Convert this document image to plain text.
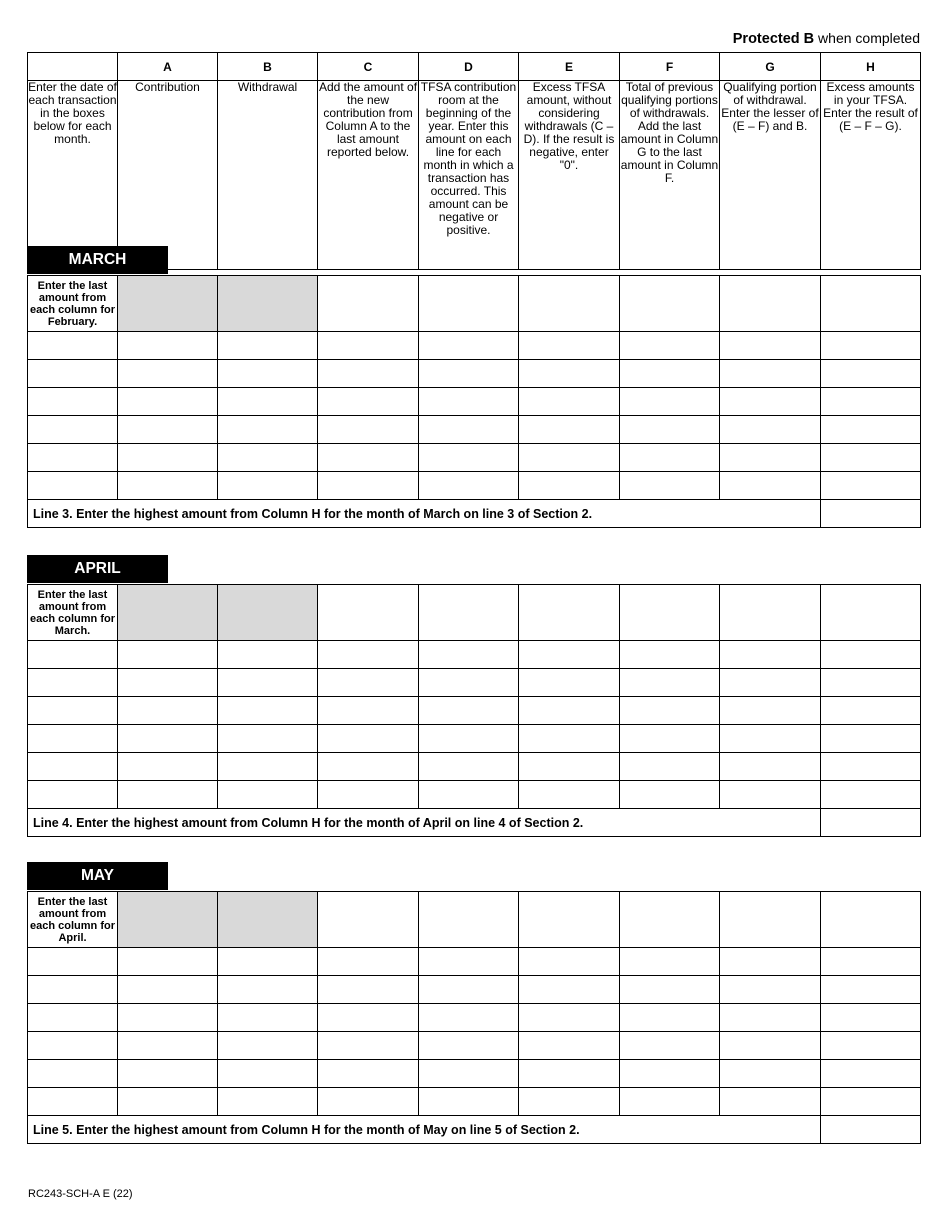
Protected B when completed
	A	B	C	D	E	F	G	H
Enter the date of each transaction in the boxes below for each month.	Contribution	Withdrawal	Add the amount of the new contribution from Column A to the last amount reported below.	TFSA contribution room at the beginning of the year. Enter this amount on each line for each month in which a transaction has occurred. This amount can be negative or positive.	Excess TFSA amount, without considering withdrawals (C – D). If the result is negative, enter "0".	Total of previous qualifying portions of withdrawals. Add the last amount in Column G to the last amount in Column F.	Qualifying portion of withdrawal. Enter the lesser of (E – F) and B.	Excess amounts in your TFSA. Enter the result of (E – F – G).
MARCH
Enter the last amount from each column for February.								

Line 3. Enter the highest amount from Column H for the month of March on line 3 of Section 2.								
APRIL
Enter the last amount from each column for March.								

Line 4. Enter the highest amount from Column H for the month of April on line 4 of Section 2.								
MAY
Enter the last amount from each column for April.								

Line 5. Enter the highest amount from Column H for the month of May on line 5 of Section 2.								
RC243-SCH-A E (22)
